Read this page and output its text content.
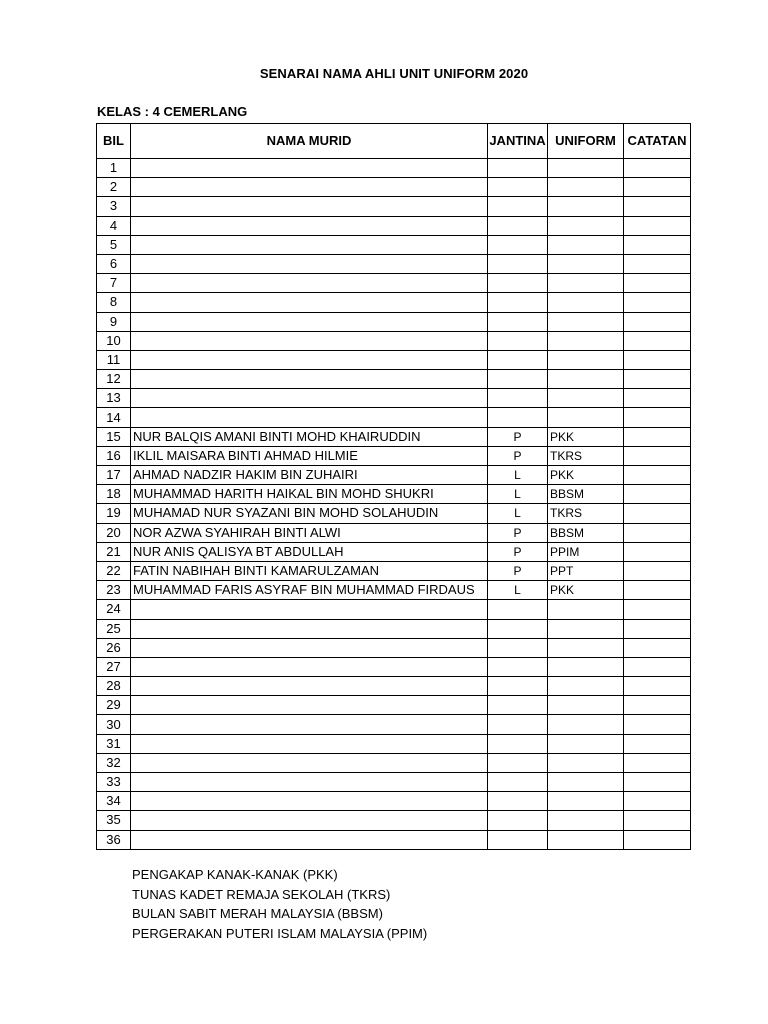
SENARAI NAMA AHLI UNIT UNIFORM 2020
KELAS : 4 CEMERLANG
BIL	NAMA MURID	JANTINA	UNIFORM	CATATAN
1				
2				
3				
4				
5				
6				
7				
8				
9				
10				
11				
12				
13				
14				
15	NUR BALQIS AMANI BINTI MOHD KHAIRUDDIN	P	PKK	
16	IKLIL MAISARA BINTI AHMAD HILMIE	P	TKRS	
17	AHMAD NADZIR HAKIM BIN ZUHAIRI	L	PKK	
18	MUHAMMAD HARITH HAIKAL BIN MOHD SHUKRI	L	BBSM	
19	MUHAMAD NUR SYAZANI BIN MOHD SOLAHUDIN	L	TKRS	
20	NOR AZWA SYAHIRAH BINTI ALWI	P	BBSM	
21	NUR ANIS QALISYA BT ABDULLAH	P	PPIM	
22	FATIN NABIHAH BINTI KAMARULZAMAN	P	PPT	
23	MUHAMMAD FARIS ASYRAF BIN MUHAMMAD FIRDAUS	L	PKK	
24				
25				
26				
27				
28				
29				
30				
31				
32				
33				
34				
35				
36				
PENGAKAP KANAK-KANAK (PKK)
TUNAS KADET REMAJA SEKOLAH (TKRS)
BULAN SABIT MERAH MALAYSIA (BBSM)
PERGERAKAN PUTERI ISLAM MALAYSIA (PPIM)
